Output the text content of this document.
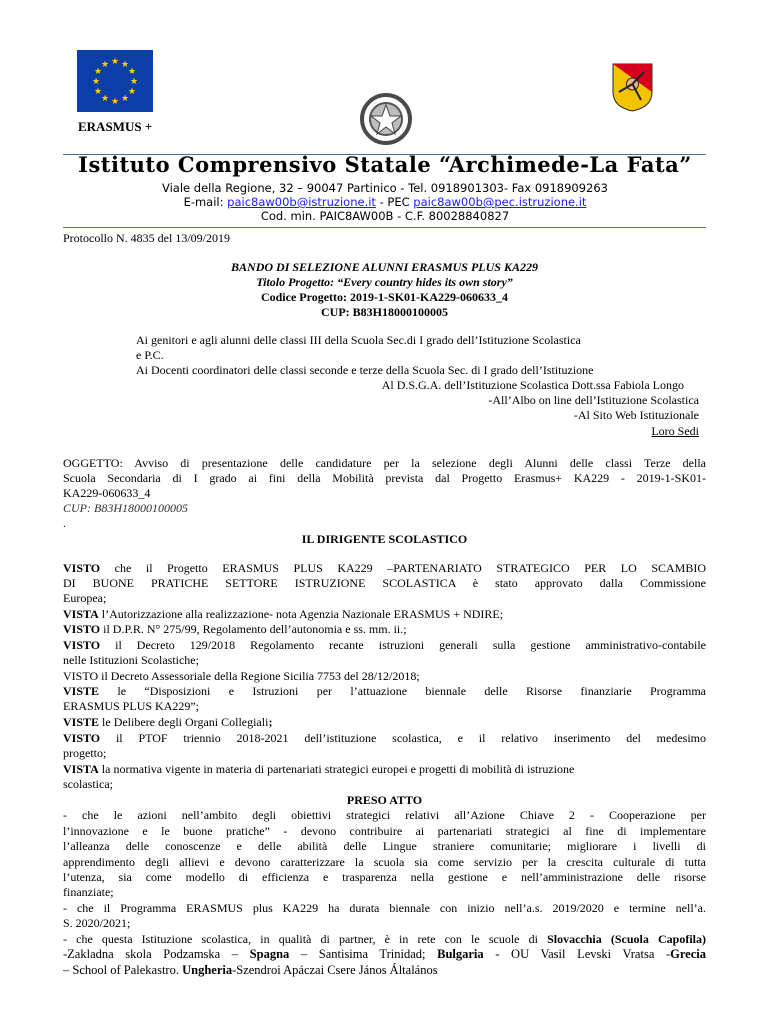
★ ★
★
★
★
★
★
★
★
★
★
★
ERASMUS +
Istituto Comprensivo Statale “Archimede-La Fata”
Viale della Regione, 32 – 90047 Partinico - Tel. 0918901303- Fax 0918909263
E-mail: paic8aw00b@istruzione.it - PEC paic8aw00b@pec.istruzione.it
Cod. min. PAIC8AW00B - C.F. 80028840827
Protocollo N. 4835 del 13/09/2019
BANDO DI SELEZIONE ALUNNI ERASMUS PLUS KA229
Titolo Progetto: “Every country hides its own story”
Codice Progetto: 2019-1-SK01-KA229-060633_4
CUP: B83H18000100005
Ai genitori e agli alunni delle classi III della Scuola Sec.di I grado dell’Istituzione Scolastica
e P.C.
Ai Docenti coordinatori delle classi seconde e terze della Scuola Sec. di I grado dell’Istituzione
Al D.S.G.A. dell’Istituzione Scolastica Dott.ssa Fabiola Longo
-All’Albo on line dell’Istituzione Scolastica
-Al Sito Web Istituzionale
Loro Sedi
OGGETTO: Avviso di presentazione delle candidature per la selezione degli Alunni delle classi Terze della
Scuola Secondaria di I grado ai fini della Mobilità prevista dal Progetto Erasmus+ KA229 - 2019-1-SK01-
KA229-060633_4
CUP: B83H18000100005
.
IL DIRIGENTE SCOLASTICO
VISTO che il Progetto ERASMUS PLUS KA229 –PARTENARIATO STRATEGICO PER LO SCAMBIO
DI BUONE PRATICHE SETTORE ISTRUZIONE SCOLASTICA è stato approvato dalla Commissione
Europea;
VISTA l’Autorizzazione alla realizzazione- nota Agenzia Nazionale ERASMUS + NDIRE;
VISTO il D.P.R. N° 275/99, Regolamento dell’autonomia e ss. mm. ii.;
VISTO il Decreto 129/2018 Regolamento recante istruzioni generali sulla gestione amministrativo-contabile
nelle Istituzioni Scolastiche;
VISTO il Decreto Assessoriale della Regione Sicilia 7753 del 28/12/2018;
VISTE le “Disposizioni e Istruzioni per l’attuazione biennale delle Risorse finanziarie Programma
ERASMUS PLUS KA229”;
VISTE le Delibere degli Organi Collegiali;
VISTO il PTOF triennio 2018-2021 dell’istituzione scolastica, e il relativo inserimento del medesimo
progetto;
VISTA la normativa vigente in materia di partenariati strategici europei e progetti di mobilità di istruzione
scolastica;
PRESO ATTO
- che le azioni nell’ambito degli obiettivi strategici relativi all’Azione Chiave 2 - Cooperazione per
l’innovazione e le buone pratiche” - devono contribuire ai partenariati strategici al fine di implementare
l’alleanza delle conoscenze e delle abilità delle Lingue straniere comunitarie; migliorare i livelli di
apprendimento degli allievi e devono caratterizzare la scuola sia come servizio per la crescita culturale di tutta
l’utenza, sia come modello di efficienza e trasparenza nella gestione e nell’amministrazione delle risorse
finanziate;
- che il Programma ERASMUS plus KA229 ha durata biennale con inizio nell’a.s. 2019/2020 e termine nell’a.
S. 2020/2021;
- che questa Istituzione scolastica, in qualità di partner, è in rete con le scuole di Slovacchia (Scuola Capofila)
-Zakladna skola Podzamska – Spagna – Santisima Trinidad; Bulgaria - OU Vasil Levski Vratsa -Grecia
– School of Palekastro. Ungheria-Szendroi Apáczai Csere János Általános
